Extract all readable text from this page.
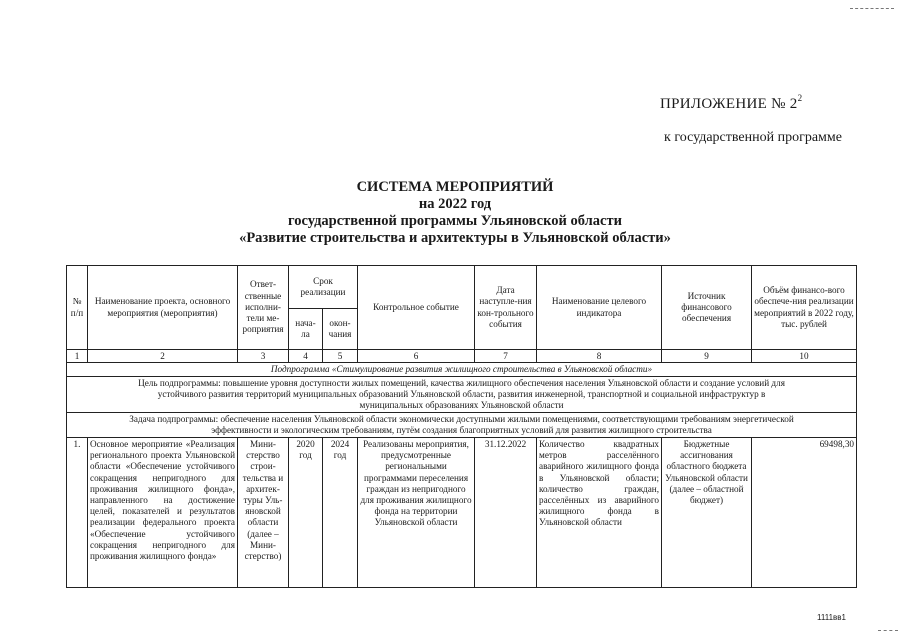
ПРИЛОЖЕНИЕ № $2^2$
к государственной программе
СИСТЕМА МЕРОПРИЯТИЙ
на 2022 год
государственной программы Ульяновской области
«Развитие строительства и архитектуры в Ульяновской области»
№ п/п	Наименование проекта, основного мероприятия (мероприятия)	Ответ-ственные исполни-тели ме-роприятия	Срок реализации		Контрольное событие	Дата наступле-ния кон-трольного события	Наименование целевого индикатора	Источник финансового обеспечения	Объём финансо-вого обеспече-ния реализации мероприятий в 2022 году, тыс. рублей
			нача-ла	окон-чания					
1	2	3	4	5	6	7	8	9	10
Подпрограмма «Стимулирование развития жилищного строительства в Ульяновской области»									
Цель подпрограммы: повышение уровня доступности жилых помещений, качества жилищного обеспечения населения Ульяновской области и создание условий для устойчивого развития территорий муниципальных образований Ульяновской области, развития инженерной, транспортной и социальной инфраструктур в муниципальных образованиях Ульяновской области									
Задача подпрограммы: обеспечение населения Ульяновской области экономически доступными жилыми помещениями, соответствующими требованиям энергетической эффективности и экологическим требованиям, путём создания благоприятных условий для развития жилищного строительства									
1.	Основное мероприятие «Реализация регионального проекта Ульяновской области «Обеспечение устойчивого сокращения непригодного для проживания жилищного фонда», направленного на достижение целей, показателей и результатов реализации федерального проекта «Обеспечение устойчивого сокращения непригодного для проживания жилищного фонда»	Мини-стерство строи-тельства и архитек-туры Уль-яновской области (далее – Мини-стерство)	2020 год	2024 год	Реализованы мероприятия, предусмотренные региональными программами переселения граждан из непригодного для проживания жилищного фонда на территории Ульяновской области	31.12.2022	Количество квадратных метров расселённого аварийного жилищного фонда в Ульяновской области; количество граждан, расселённых из аварийного жилищного фонда в Ульяновской области	Бюджетные ассигнования областного бюджета Ульяновской области (далее – областной бюджет)	69498,30
1111вв1
